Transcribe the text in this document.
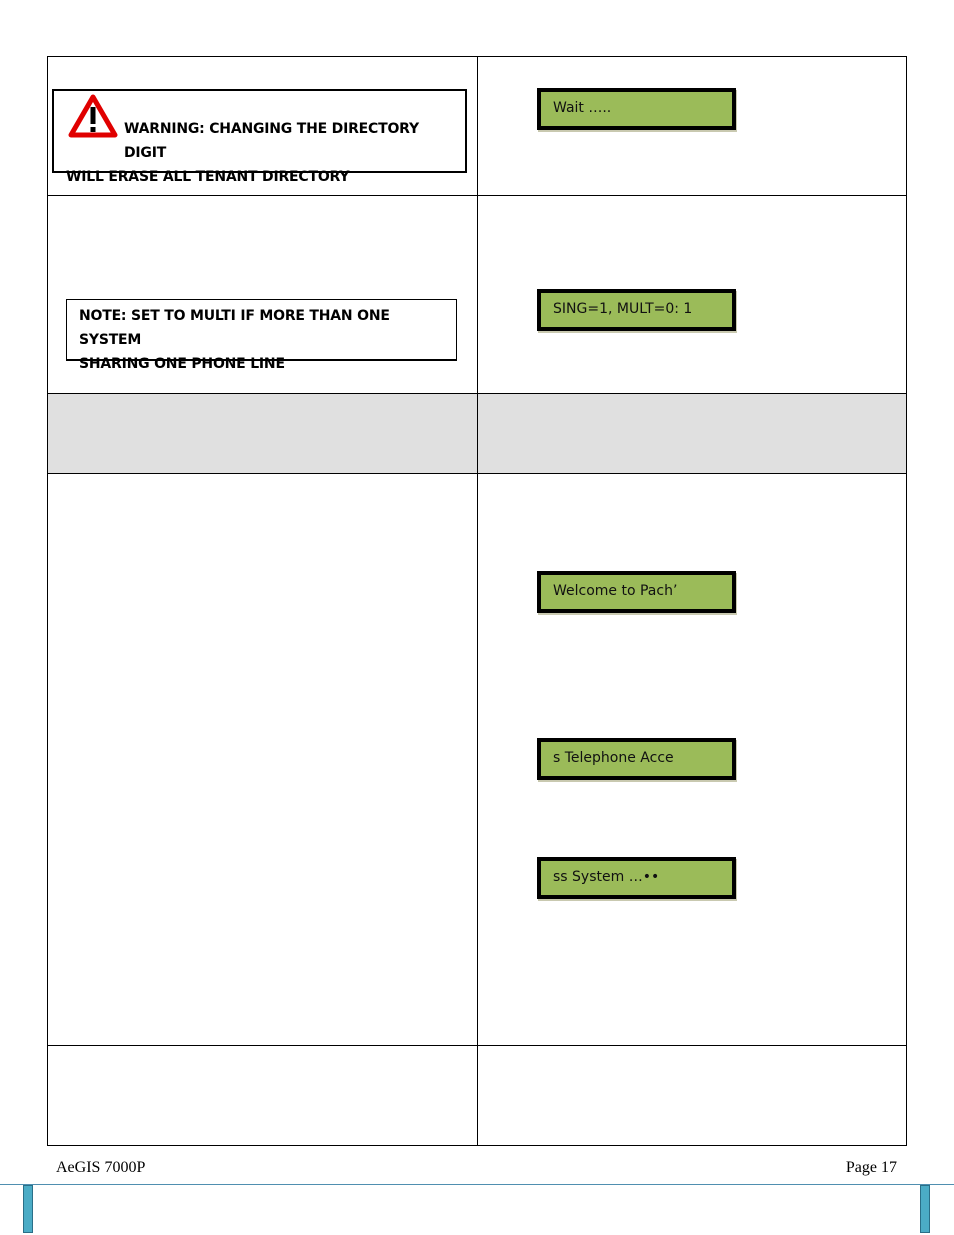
WARNING: CHANGING THE DIRECTORY DIGIT
WILL ERASE ALL TENANT DIRECTORY
Wait …..
NOTE: SET TO MULTI IF MORE THAN ONE SYSTEM
SHARING ONE PHONE LINE
SING=1, MULT=0: 1
Welcome to Pach’
s Telephone Acce
ss System …••
AeGIS 7000P	Page 17
